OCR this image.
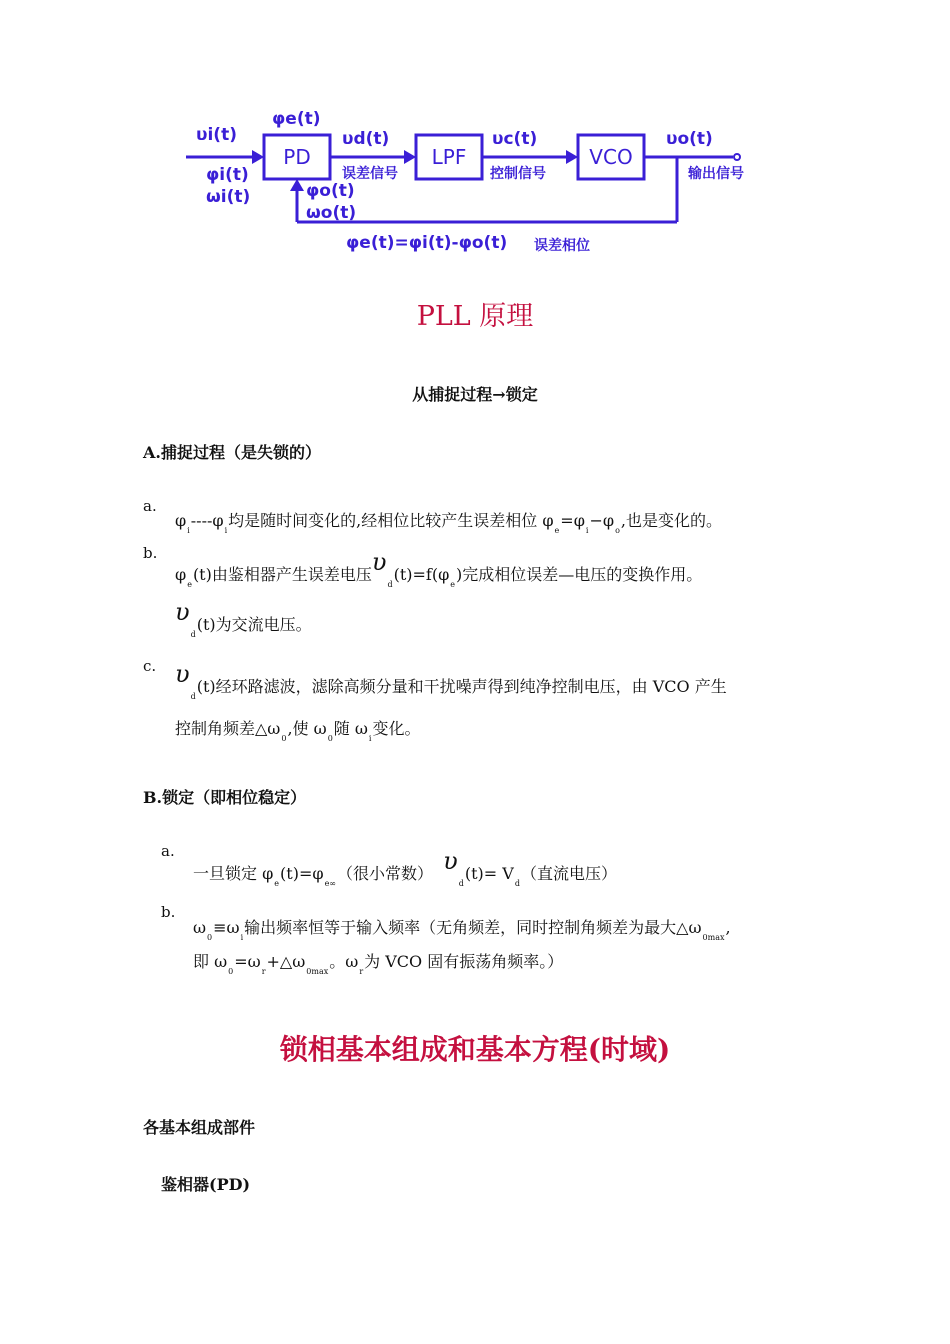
PD	LPF	VCO
υi(t)
φi(t)
ωi(t)
φe(t)
υd(t)
误差信号
υc(t)
控制信号
υo(t)
输出信号
φo(t)
ωo(t)
φe(t)=φi(t)-φo(t) 误差相位
PLL 原理
从捕捉过程→锁定
A.捕捉过程（是失锁的）
a.
$\varphi_i----\varphi_i$均是随时间变化的,经相位比较产生误差相位 $\varphi_e=\varphi_i-\varphi_o$,也是变化的。
b.
$\varphi_e(t)$由鉴相器产生误差电压$\upsilon_d(t)=f(\varphi_e)$完成相位误差—电压的变换作用。
$\upsilon_d(t)$为交流电压。
c. $\upsilon_d(t)$经环路滤波，滤除高频分量和干扰噪声得到纯净控制电压，由 VCO 产生
控制角频差$\triangle\omega_0$,使 $\omega_0$随 $\omega_i$变化。
B.锁定（即相位稳定）
a.
一旦锁定 $\varphi_e(t)=\varphi_{e\infty}$（很小常数） $\upsilon_d(t)= V_d$（直流电压）
b.
$\omega_0\equiv\omega_i$输出频率恒等于输入频率（无角频差，同时控制角频差为最大$\triangle\omega_{0max}$,
即 $\omega_0=\omega_r+\triangle\omega_{0max}$。$\omega_r$为 VCO 固有振荡角频率。）
锁相基本组成和基本方程(时域)
各基本组成部件
鉴相器(PD)
